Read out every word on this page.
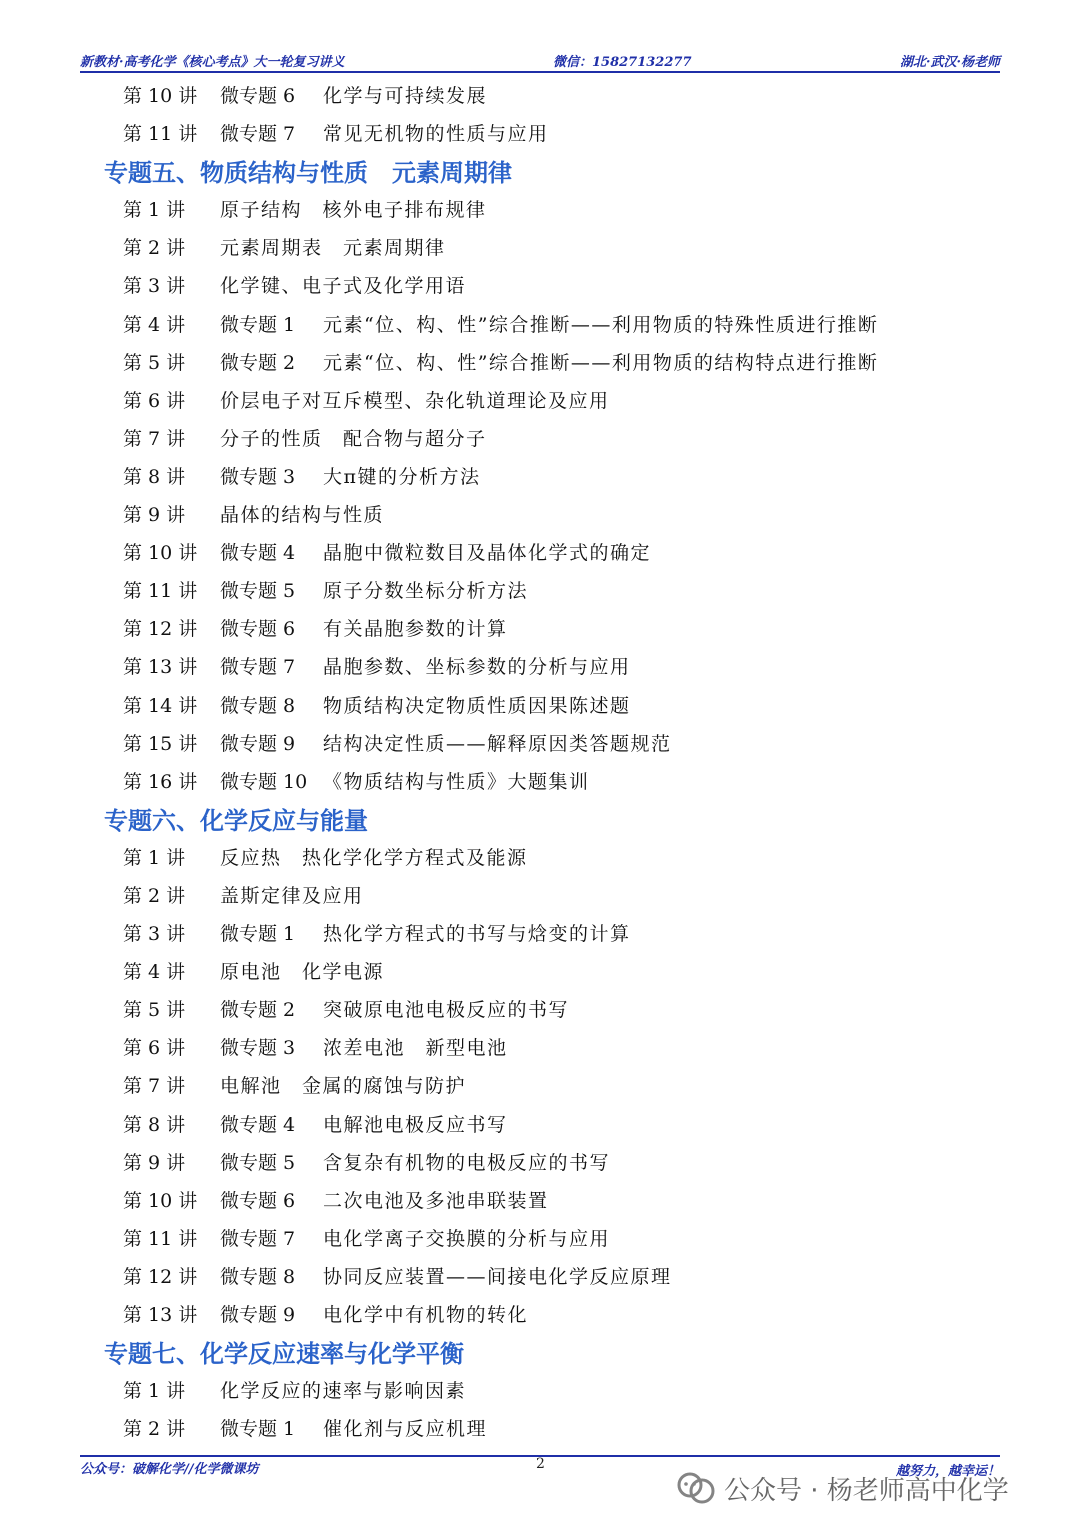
新教材·高考化学《核心考点》大一轮复习讲义	微信：15827132277	湖北·武汉·杨老师
第 10 讲 微专题 6 化学与可持续发展
第 11 讲 微专题 7 常见无机物的性质与应用
专题五、物质结构与性质　元素周期律
第 1 讲 原子结构　核外电子排布规律
第 2 讲 元素周期表　元素周期律
第 3 讲 化学键、电子式及化学用语
第 4 讲 微专题 1 元素“位、构、性”综合推断——利用物质的特殊性质进行推断
第 5 讲 微专题 2 元素“位、构、性”综合推断——利用物质的结构特点进行推断
第 6 讲 价层电子对互斥模型、杂化轨道理论及应用
第 7 讲 分子的性质　配合物与超分子
第 8 讲 微专题 3 大π键的分析方法
第 9 讲 晶体的结构与性质
第 10 讲 微专题 4 晶胞中微粒数目及晶体化学式的确定
第 11 讲 微专题 5 原子分数坐标分析方法
第 12 讲 微专题 6 有关晶胞参数的计算
第 13 讲 微专题 7 晶胞参数、坐标参数的分析与应用
第 14 讲 微专题 8 物质结构决定物质性质因果陈述题
第 15 讲 微专题 9 结构决定性质——解释原因类答题规范
第 16 讲 微专题 10 《物质结构与性质》大题集训
专题六、化学反应与能量
第 1 讲 反应热　热化学化学方程式及能源
第 2 讲 盖斯定律及应用
第 3 讲 微专题 1 热化学方程式的书写与焓变的计算
第 4 讲 原电池　化学电源
第 5 讲 微专题 2 突破原电池电极反应的书写
第 6 讲 微专题 3 浓差电池　新型电池
第 7 讲 电解池　金属的腐蚀与防护
第 8 讲 微专题 4 电解池电极反应书写
第 9 讲 微专题 5 含复杂有机物的电极反应的书写
第 10 讲 微专题 6 二次电池及多池串联装置
第 11 讲 微专题 7 电化学离子交换膜的分析与应用
第 12 讲 微专题 8 协同反应装置——间接电化学反应原理
第 13 讲 微专题 9 电化学中有机物的转化
专题七、化学反应速率与化学平衡
第 1 讲 化学反应的速率与影响因素
第 2 讲 微专题 1 催化剂与反应机理
公众号：破解化学//化学微课坊	2	越努力，越幸运！
公众号 · 杨老师高中化学
